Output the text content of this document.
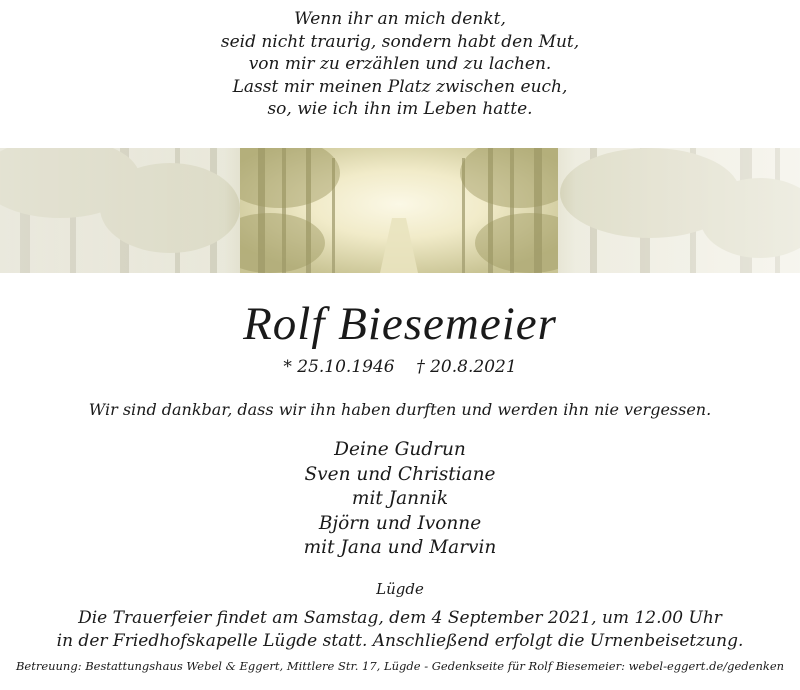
Wenn ihr an mich denkt,
seid nicht traurig, sondern habt den Mut,
von mir zu erzählen und zu lachen.
Lasst mir meinen Platz zwischen euch,
so, wie ich ihn im Leben hatte.
Rolf Biesemeier
* 25.10.1946    † 20.8.2021
Wir sind dankbar, dass wir ihn haben durften und werden ihn nie vergessen.
Deine Gudrun
Sven und Christiane
mit Jannik
Björn und Ivonne
mit Jana und Marvin
Lügde
Die Trauerfeier findet am Samstag, dem 4 September 2021, um 12.00 Uhr
in der Friedhofskapelle Lügde statt. Anschließend erfolgt die Urnenbeisetzung.
Betreuung: Bestattungshaus Webel & Eggert, Mittlere Str. 17, Lügde - Gedenkseite für Rolf Biesemeier: webel-eggert.de/gedenken
